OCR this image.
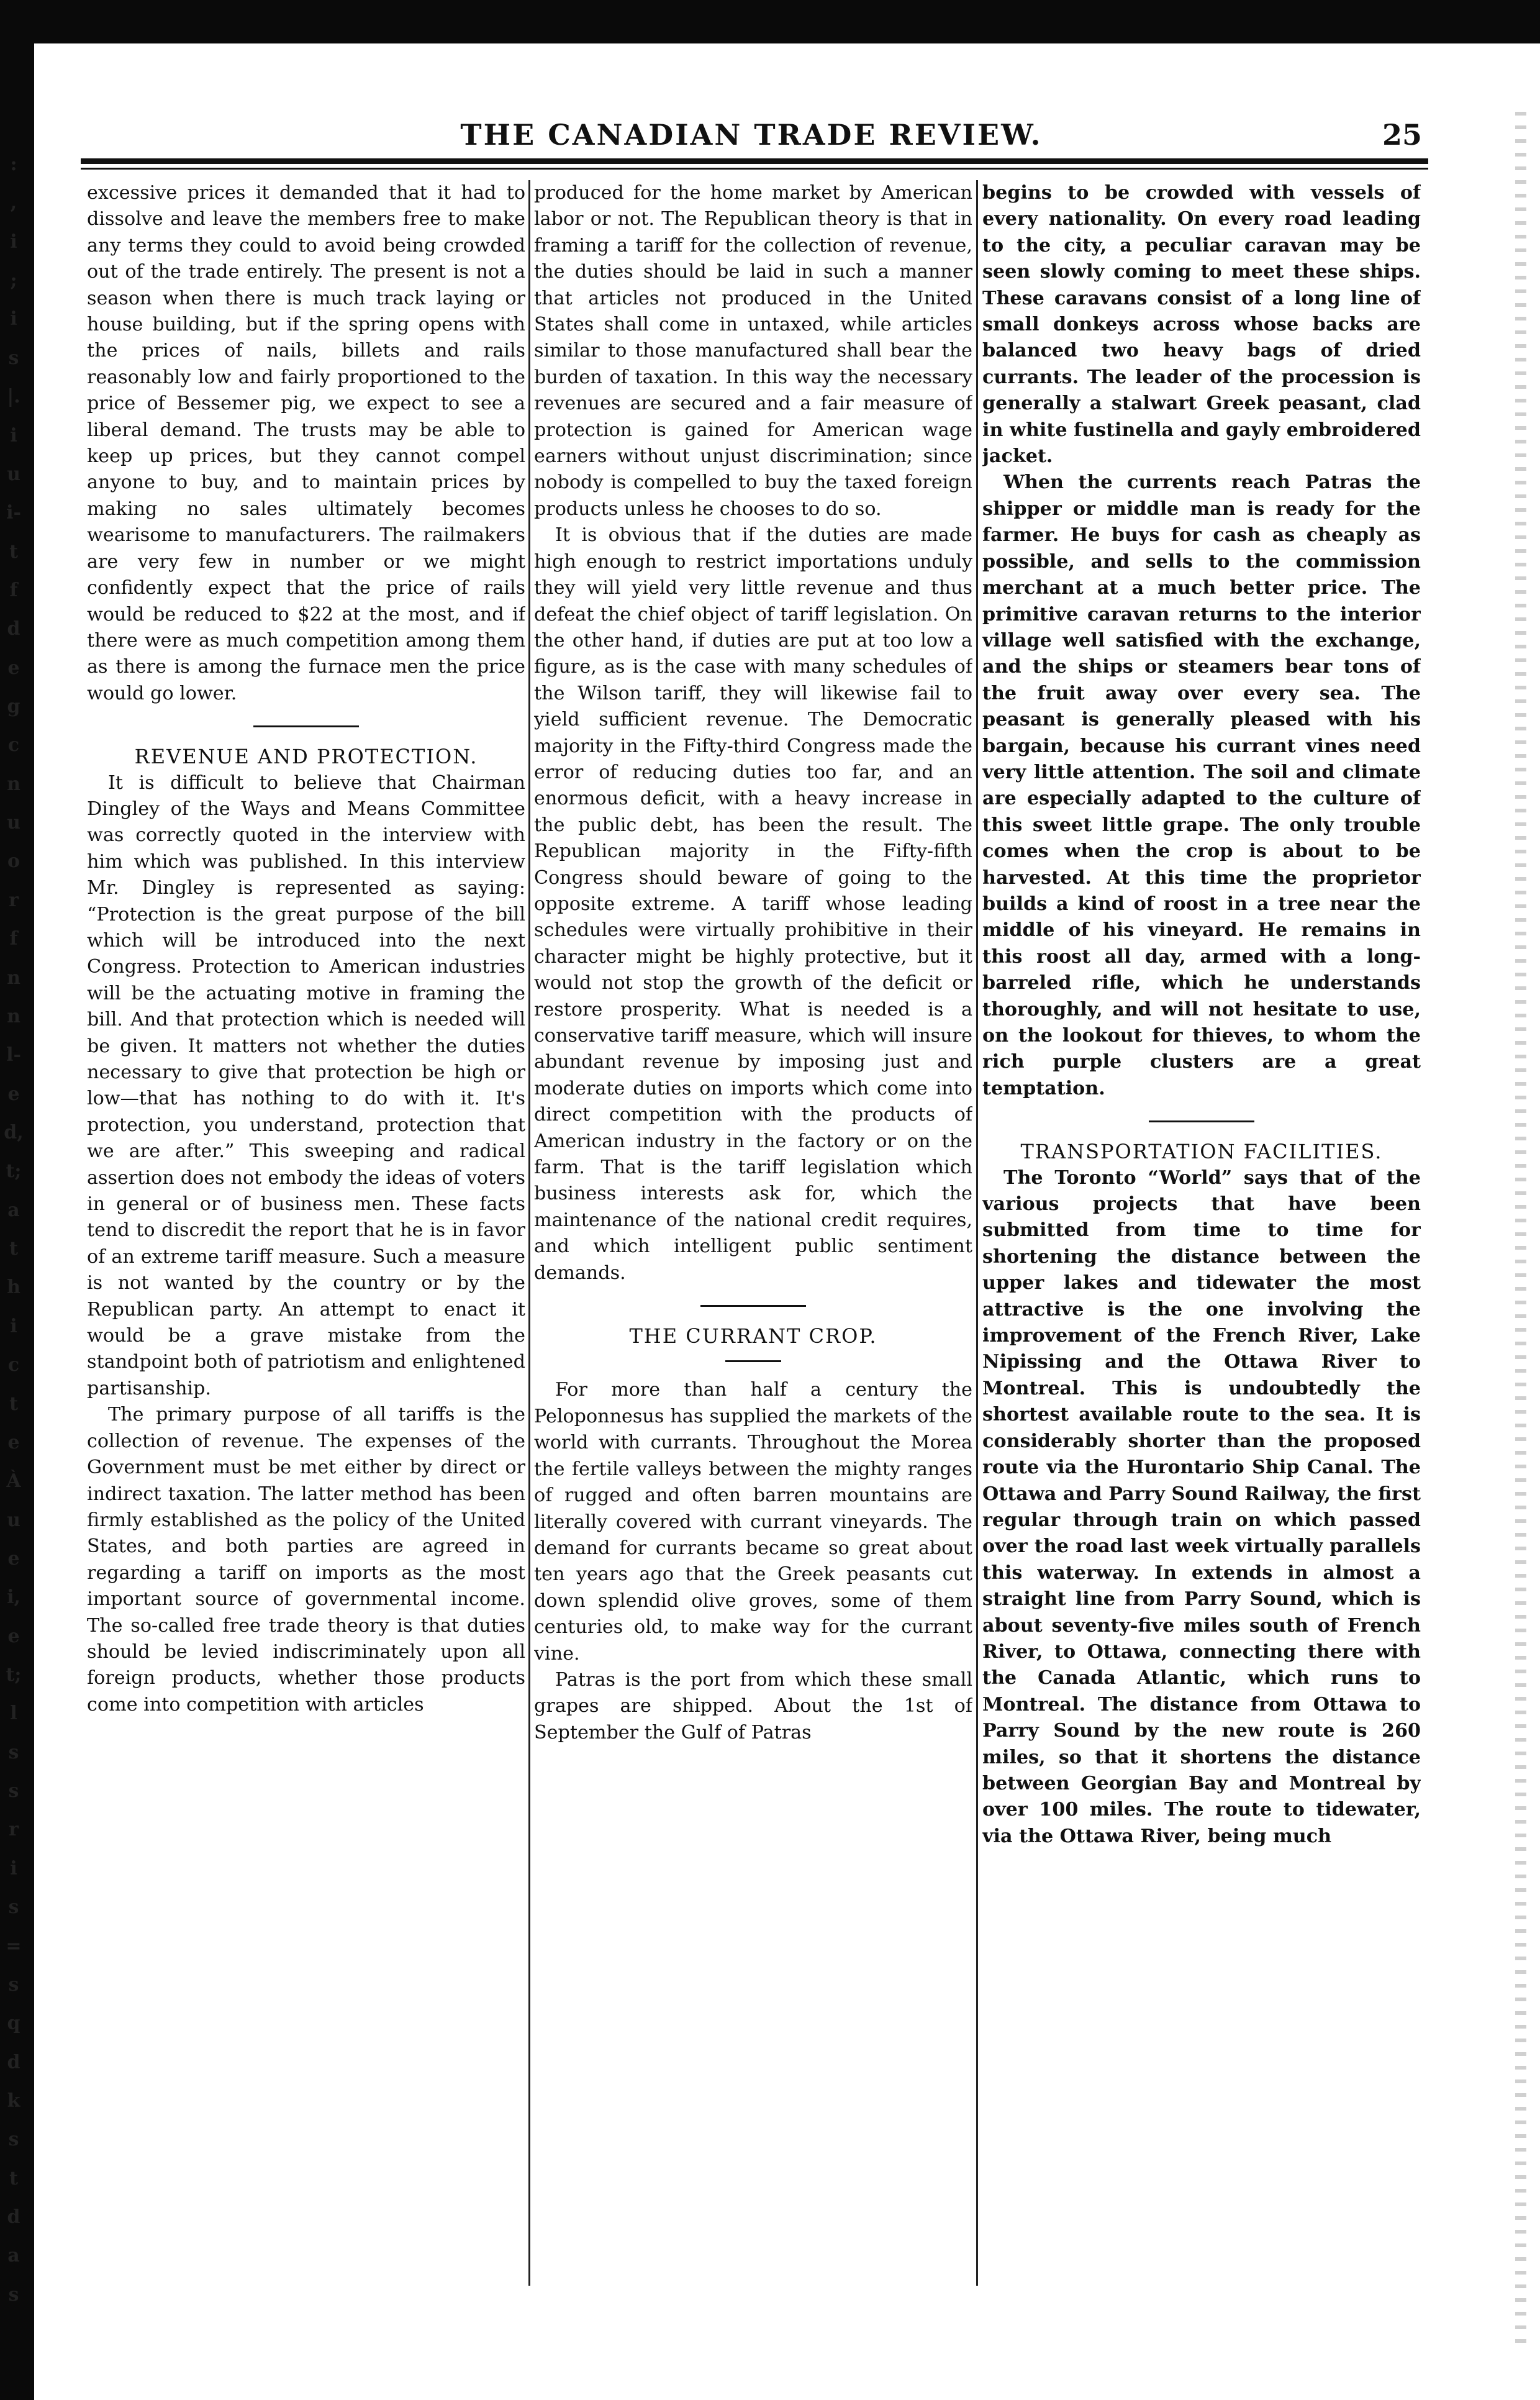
:
,
i
;
i
s
|.
i
u
i-
t
f
d
e
g
c
n
u
o
r
f
n
n
l-
e
d,
t;
a
t
h
i
c
t
e
À
u
e
i,
e
t;
l
s
s
r
i
s
=
s
q
d
k
s
t
d
a
s
THE CANADIAN TRADE REVIEW.	25

excessive prices it demanded that it had to dissolve and leave the members free to make any terms they could to avoid being crowded out of the trade entirely. The present is not a season when there is much track laying or house building, but if the spring opens with the prices of nails, billets and rails reasonably low and fairly proportioned to the price of Bessemer pig, we expect to see a liberal demand. The trusts may be able to keep up prices, but they cannot compel anyone to buy, and to maintain prices by making no sales ultimately becomes wearisome to manufacturers. The railmakers are very few in number or we might confidently expect that the price of rails would be reduced to $22 at the most, and if there were as much competition among them as there is among the furnace men the price would go lower.

REVENUE AND PROTECTION.

It is difficult to believe that Chairman Dingley of the Ways and Means Committee was correctly quoted in the interview with him which was published. In this interview Mr. Dingley is represented as saying: “Protection is the great purpose of the bill which will be introduced into the next Congress. Protection to American industries will be the actuating motive in framing the bill. And that protection which is needed will be given. It matters not whether the duties necessary to give that protection be high or low—that has nothing to do with it. It's protection, you understand, protection that we are after.” This sweeping and radical assertion does not embody the ideas of voters in general or of business men. These facts tend to discredit the report that he is in favor of an extreme tariff measure. Such a measure is not wanted by the country or by the Republican party. An attempt to enact it would be a grave mistake from the standpoint both of patriotism and enlightened partisanship.

The primary purpose of all tariffs is the collection of revenue. The expenses of the Government must be met either by direct or indirect taxation. The latter method has been firmly established as the policy of the United States, and both parties are agreed in regarding a tariff on imports as the most important source of governmental income. The so-called free trade theory is that duties should be levied indiscriminately upon all foreign products, whether those products come into competition with articles

produced for the home market by American labor or not. The Republican theory is that in framing a tariff for the collection of revenue, the duties should be laid in such a manner that articles not produced in the United States shall come in untaxed, while articles similar to those manufactured shall bear the burden of taxation. In this way the necessary revenues are secured and a fair measure of protection is gained for American wage earners without unjust discrimination; since nobody is compelled to buy the taxed foreign products unless he chooses to do so.

It is obvious that if the duties are made high enough to restrict importations unduly they will yield very little revenue and thus defeat the chief object of tariff legislation. On the other hand, if duties are put at too low a figure, as is the case with many schedules of the Wilson tariff, they will likewise fail to yield sufficient revenue. The Democratic majority in the Fifty-third Congress made the error of reducing duties too far, and an enormous deficit, with a heavy increase in the public debt, has been the result. The Republican majority in the Fifty-fifth Congress should beware of going to the opposite extreme. A tariff whose leading schedules were virtually prohibitive in their character might be highly protective, but it would not stop the growth of the deficit or restore prosperity. What is needed is a conservative tariff measure, which will insure abundant revenue by imposing just and moderate duties on imports which come into direct competition with the products of American industry in the factory or on the farm. That is the tariff legislation which business interests ask for, which the maintenance of the national credit requires, and which intelligent public sentiment demands.

THE CURRANT CROP.

For more than half a century the Peloponnesus has supplied the markets of the world with currants. Throughout the Morea the fertile valleys between the mighty ranges of rugged and often barren mountains are literally covered with currant vineyards. The demand for currants became so great about ten years ago that the Greek peasants cut down splendid olive groves, some of them centuries old, to make way for the currant vine.

Patras is the port from which these small grapes are shipped. About the 1st of September the Gulf of Patras

begins to be crowded with vessels of every nationality. On every road leading to the city, a peculiar caravan may be seen slowly coming to meet these ships. These caravans consist of a long line of small donkeys across whose backs are balanced two heavy bags of dried currants. The leader of the procession is generally a stalwart Greek peasant, clad in white fustinella and gayly embroidered jacket.

When the currents reach Patras the shipper or middle man is ready for the farmer. He buys for cash as cheaply as possible, and sells to the commission merchant at a much better price. The primitive caravan returns to the interior village well satisfied with the exchange, and the ships or steamers bear tons of the fruit away over every sea. The peasant is generally pleased with his bargain, because his currant vines need very little attention. The soil and climate are especially adapted to the culture of this sweet little grape. The only trouble comes when the crop is about to be harvested. At this time the proprietor builds a kind of roost in a tree near the middle of his vineyard. He remains in this roost all day, armed with a long-barreled rifle, which he understands thoroughly, and will not hesitate to use, on the lookout for thieves, to whom the rich purple clusters are a great temptation.

TRANSPORTATION FACILITIES.

The Toronto “World” says that of the various projects that have been submitted from time to time for shortening the distance between the upper lakes and tidewater the most attractive is the one involving the improvement of the French River, Lake Nipissing and the Ottawa River to Montreal. This is undoubtedly the shortest available route to the sea. It is considerably shorter than the proposed route via the Hurontario Ship Canal. The Ottawa and Parry Sound Railway, the first regular through train on which passed over the road last week virtually parallels this waterway. In extends in almost a straight line from Parry Sound, which is about seventy-five miles south of French River, to Ottawa, connecting there with the Canada Atlantic, which runs to Montreal. The distance from Ottawa to Parry Sound by the new route is 260 miles, so that it shortens the distance between Georgian Bay and Montreal by over 100 miles. The route to tidewater, via the Ottawa River, being much
